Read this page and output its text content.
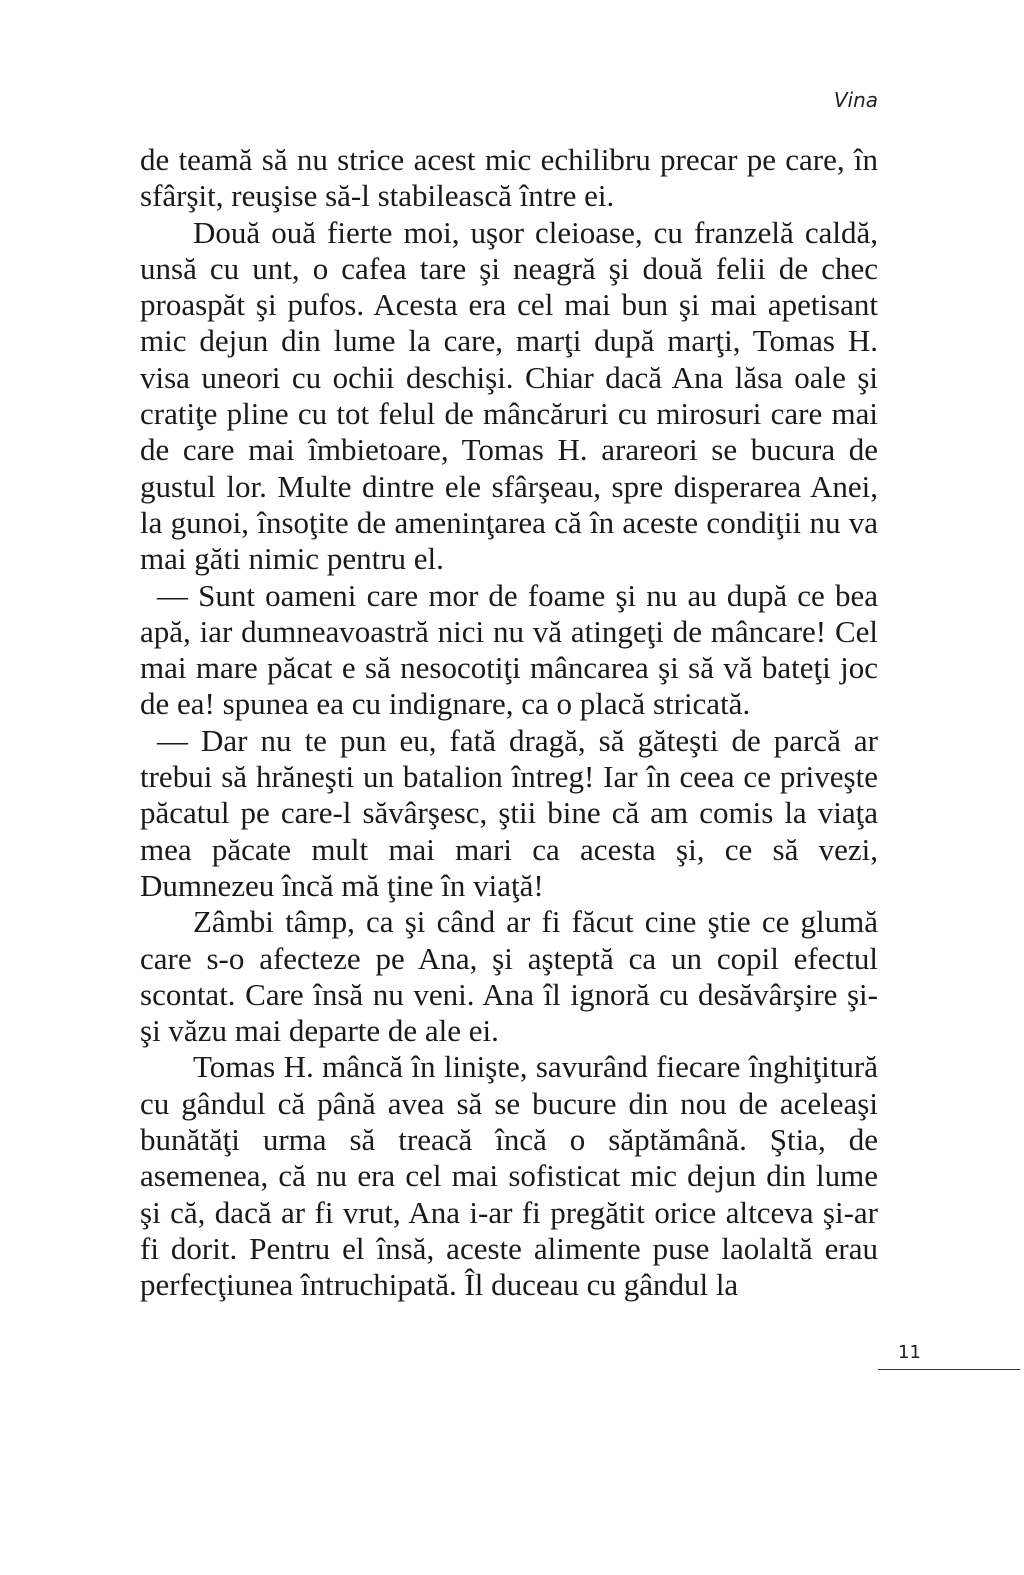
Vina

de teamă să nu strice acest mic echilibru precar pe care, în sfârşit, reuşise să-l stabilească între ei.

Două ouă fierte moi, uşor cleioase, cu franzelă caldă, unsă cu unt, o cafea tare şi neagră şi două felii de chec proaspăt şi pufos. Acesta era cel mai bun şi mai apetisant mic dejun din lume la care, marţi după marţi, Tomas H. visa uneori cu ochii deschişi. Chiar dacă Ana lăsa oale şi cratiţe pline cu tot felul de mâncăruri cu mirosuri care mai de care mai îmbietoare, Tomas H. arareori se bucura de gustul lor. Multe dintre ele sfârşeau, spre disperarea Anei, la gunoi, însoţite de ameninţarea că în aceste condiţii nu va mai găti nimic pentru el.

— Sunt oameni care mor de foame şi nu au după ce bea apă, iar dumneavoastră nici nu vă atingeţi de mâncare! Cel mai mare păcat e să nesocotiţi mâncarea şi să vă bateţi joc de ea! spunea ea cu indignare, ca o placă stricată.

— Dar nu te pun eu, fată dragă, să găteşti de parcă ar trebui să hrăneşti un batalion întreg! Iar în ceea ce priveşte păcatul pe care-l săvârşesc, ştii bine că am comis la viaţa mea păcate mult mai mari ca acesta şi, ce să vezi, Dumnezeu încă mă ţine în viaţă!

Zâmbi tâmp, ca şi când ar fi făcut cine ştie ce glumă care s-o afecteze pe Ana, şi aşteptă ca un copil efectul scontat. Care însă nu veni. Ana îl ignoră cu desăvârşire şi-şi văzu mai departe de ale ei.

Tomas H. mâncă în linişte, savurând fiecare înghiţitură cu gândul că până avea să se bucure din nou de aceleaşi bunătăţi urma să treacă încă o săptămână. Ştia, de asemenea, că nu era cel mai sofisticat mic dejun din lume şi că, dacă ar fi vrut, Ana i-ar fi pregătit orice altceva şi-ar fi dorit. Pentru el însă, aceste alimente puse laolaltă erau perfecţiunea întruchipată. Îl duceau cu gândul la

11
